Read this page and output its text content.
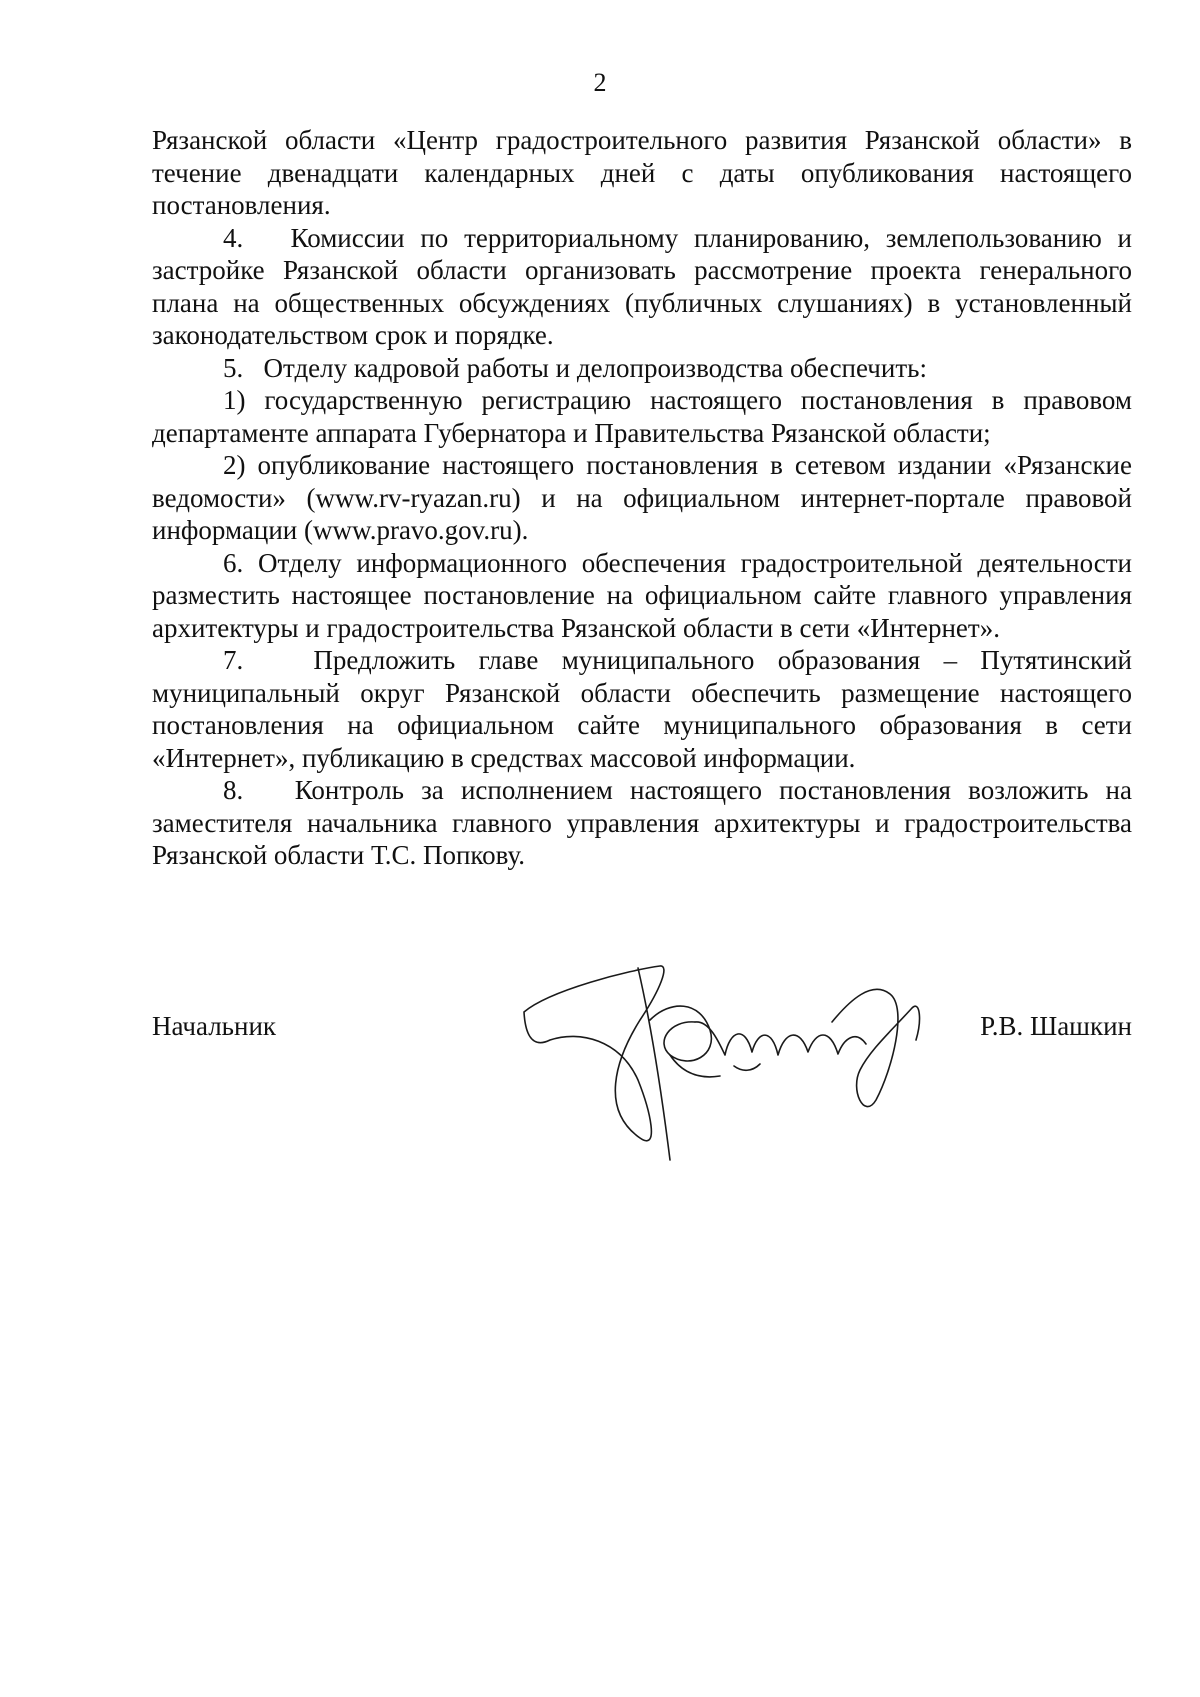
2

Рязанской области «Центр градостроительного развития Рязанской области» в течение двенадцати календарных дней с даты опубликования настоящего постановления.

4.   Комиссии по территориальному планированию, землепользованию и застройке Рязанской области организовать рассмотрение проекта генерального плана на общественных обсуждениях (публичных слушаниях) в установленный законодательством срок и порядке.

5.   Отделу кадровой работы и делопроизводства обеспечить:

1) государственную регистрацию настоящего постановления в правовом департаменте аппарата Губернатора и Правительства Рязанской области;

2) опубликование настоящего постановления в сетевом издании «Рязанские ведомости» (www.rv-ryazan.ru) и на официальном интернет-портале правовой информации (www.pravo.gov.ru).

6. Отделу информационного обеспечения градостроительной деятельности разместить настоящее постановление на официальном сайте главного управления архитектуры и градостроительства Рязанской области в сети «Интернет».

7.   Предложить главе муниципального образования – Путятинский муниципальный округ Рязанской области обеспечить размещение настоящего постановления на официальном сайте муниципального образования в сети «Интернет», публикацию в средствах массовой информации.

8.   Контроль за исполнением настоящего постановления возложить на заместителя начальника главного управления архитектуры и градостроительства Рязанской области Т.С. Попкову.

Начальник	Р.В. Шашкин
